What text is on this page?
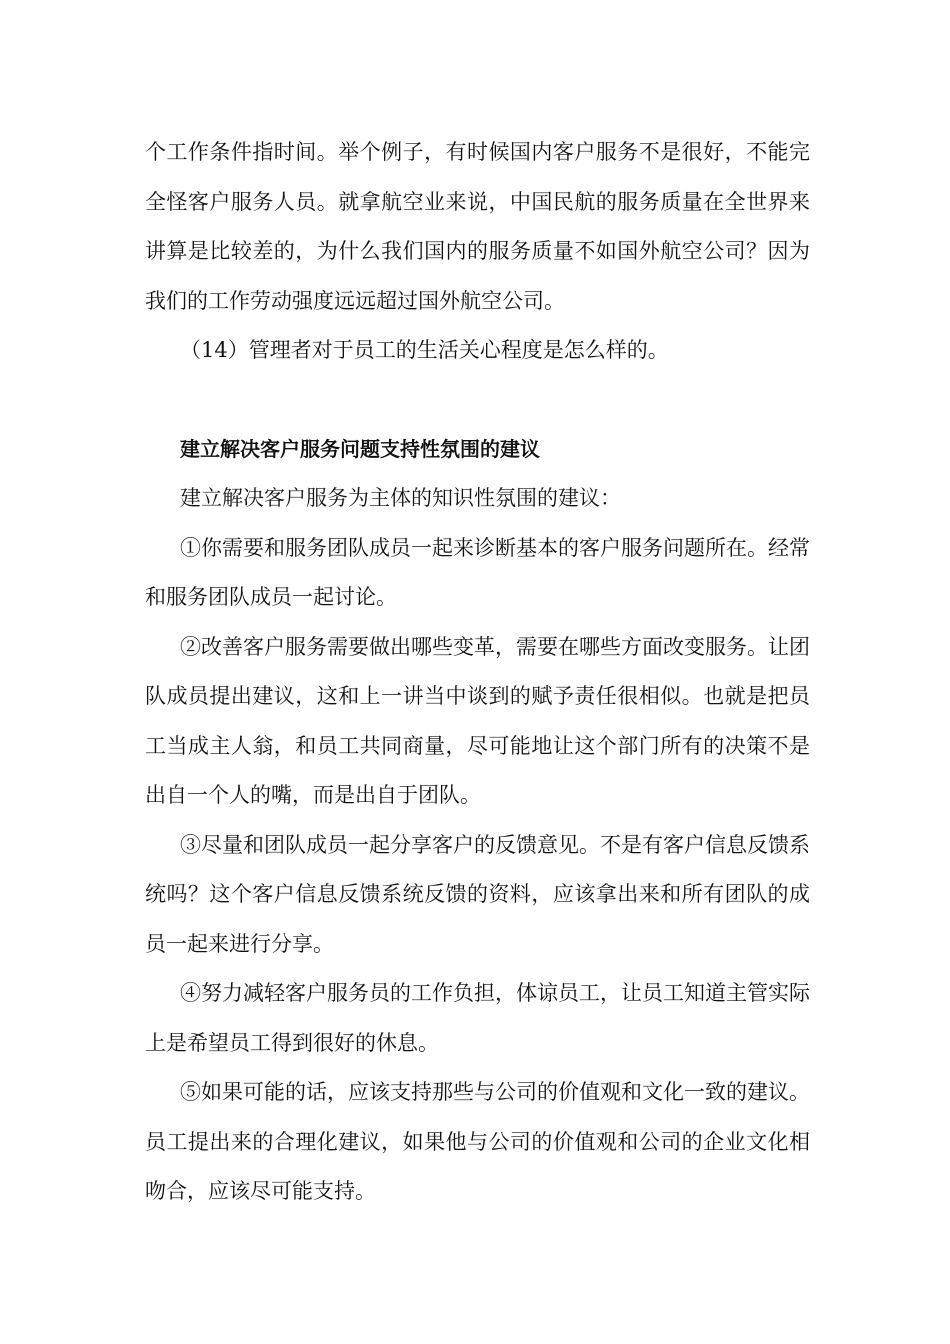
个工作条件指时间。举个例子，有时候国内客户服务不是很好，不能完全怪客户服务人员。就拿航空业来说，中国民航的服务质量在全世界来讲算是比较差的，为什么我们国内的服务质量不如国外航空公司？因为我们的工作劳动强度远远超过国外航空公司。

（14）管理者对于员工的生活关心程度是怎么样的。

建立解决客户服务问题支持性氛围的建议

建立解决客户服务为主体的知识性氛围的建议：

①你需要和服务团队成员一起来诊断基本的客户服务问题所在。经常和服务团队成员一起讨论。

②改善客户服务需要做出哪些变革，需要在哪些方面改变服务。让团队成员提出建议，这和上一讲当中谈到的赋予责任很相似。也就是把员工当成主人翁，和员工共同商量，尽可能地让这个部门所有的决策不是出自一个人的嘴，而是出自于团队。

③尽量和团队成员一起分享客户的反馈意见。不是有客户信息反馈系统吗？这个客户信息反馈系统反馈的资料，应该拿出来和所有团队的成员一起来进行分享。

④努力减轻客户服务员的工作负担，体谅员工，让员工知道主管实际上是希望员工得到很好的休息。

⑤如果可能的话，应该支持那些与公司的价值观和文化一致的建议。员工提出来的合理化建议，如果他与公司的价值观和公司的企业文化相吻合，应该尽可能支持。
